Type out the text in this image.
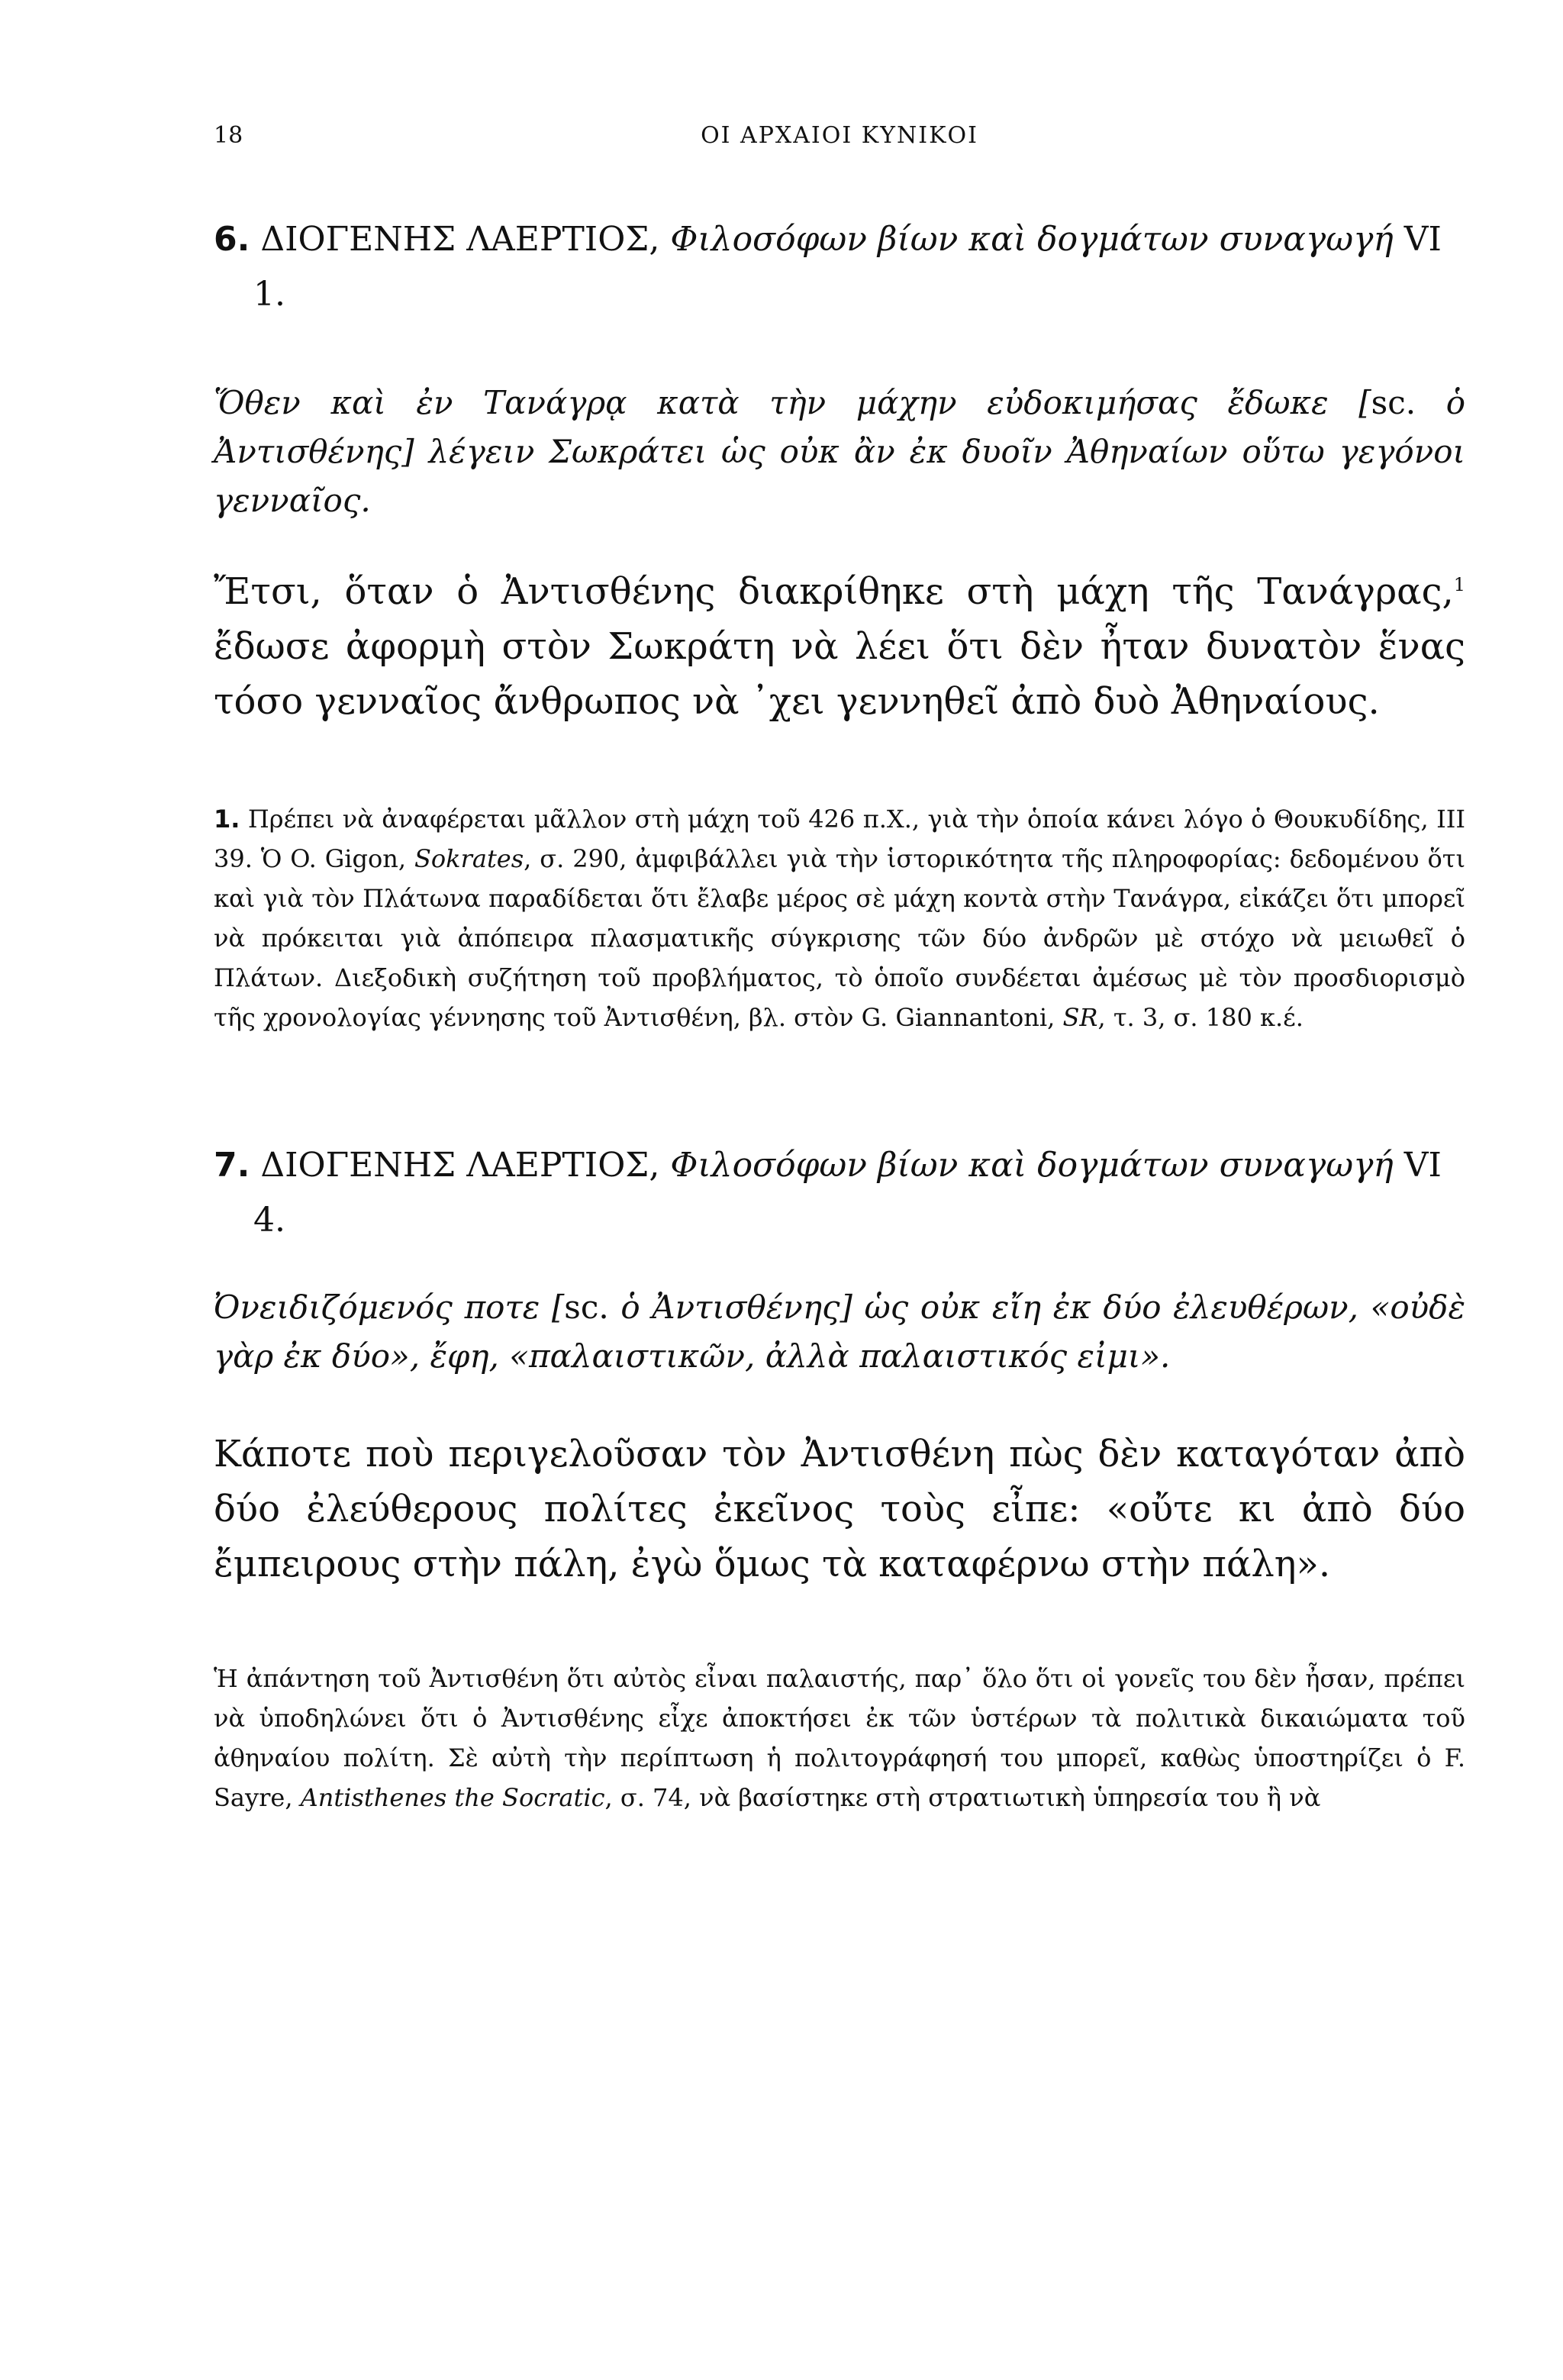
18	ΟΙ ΑΡΧΑΙΟΙ ΚΥΝΙΚΟΙ
6. ΔΙΟΓΕΝΗΣ ΛΑΕΡΤΙΟΣ, Φιλοσόφων βίων καὶ δογμάτων συναγωγή VI 1.

Ὅθεν καὶ ἐν Τανάγρᾳ κατὰ τὴν μάχην εὐδοκιμήσας ἔδωκε [sc. ὁ Ἀντισθένης] λέγειν Σωκράτει ὡς οὐκ ἂν ἐκ δυοῖν Ἀθηναίων οὕτω γεγόνοι γενναῖος.

Ἔτσι, ὅταν ὁ Ἀντισθένης διακρίθηκε στὴ μάχη τῆς Τανάγρας,$^1$ ἔδωσε ἀφορμὴ στὸν Σωκράτη νὰ λέει ὅτι δὲν ἦταν δυνατὸν ἕνας τόσο γενναῖος ἄνθρωπος νὰ ᾿χει γεννηθεῖ ἀπὸ δυὸ Ἀθηναίους.

1. Πρέπει νὰ ἀναφέρεται μᾶλλον στὴ μάχη τοῦ 426 π.Χ., γιὰ τὴν ὁποία κάνει λόγο ὁ Θουκυδίδης, III 39. Ὁ O. Gigon, Sokrates, σ. 290, ἀμφιβάλλει γιὰ τὴν ἱστορικότητα τῆς πληροφορίας: δεδομένου ὅτι καὶ γιὰ τὸν Πλάτωνα παραδίδεται ὅτι ἔλαβε μέρος σὲ μάχη κοντὰ στὴν Τανάγρα, εἰκάζει ὅτι μπορεῖ νὰ πρόκειται γιὰ ἀπόπειρα πλασματικῆς σύγκρισης τῶν δύο ἀνδρῶν μὲ στόχο νὰ μειωθεῖ ὁ Πλάτων. Διεξοδικὴ συζήτηση τοῦ προβλήματος, τὸ ὁποῖο συνδέεται ἀμέσως μὲ τὸν προσδιορισμὸ τῆς χρονολογίας γέννησης τοῦ Ἀντισθένη, βλ. στὸν G. Giannantoni, SR, τ. 3, σ. 180 κ.έ.

7. ΔΙΟΓΕΝΗΣ ΛΑΕΡΤΙΟΣ, Φιλοσόφων βίων καὶ δογμάτων συναγωγή VI 4.

Ὀνειδιζόμενός ποτε [sc. ὁ Ἀντισθένης] ὡς οὐκ εἴη ἐκ δύο ἐλευθέρων, «οὐδὲ γὰρ ἐκ δύο», ἔφη, «παλαιστικῶν, ἀλλὰ παλαιστικός εἰμι».

Κάποτε ποὺ περιγελοῦσαν τὸν Ἀντισθένη πὼς δὲν καταγόταν ἀπὸ δύο ἐλεύθερους πολίτες ἐκεῖνος τοὺς εἶπε: «οὔτε κι ἀπὸ δύο ἔμπειρους στὴν πάλη, ἐγὼ ὅμως τὰ καταφέρνω στὴν πάλη».

Ἡ ἀπάντηση τοῦ Ἀντισθένη ὅτι αὐτὸς εἶναι παλαιστής, παρ᾿ ὅλο ὅτι οἱ γονεῖς του δὲν ἦσαν, πρέπει νὰ ὑποδηλώνει ὅτι ὁ Ἀντισθένης εἶχε ἀποκτήσει ἐκ τῶν ὑστέρων τὰ πολιτικὰ δικαιώματα τοῦ ἀθηναίου πολίτη. Σὲ αὐτὴ τὴν περίπτωση ἡ πολιτογράφησή του μπορεῖ, καθὼς ὑποστηρίζει ὁ F. Sayre, Antisthenes the Socratic, σ. 74, νὰ βασίστηκε στὴ στρατιωτικὴ ὑπηρεσία του ἢ νὰ
